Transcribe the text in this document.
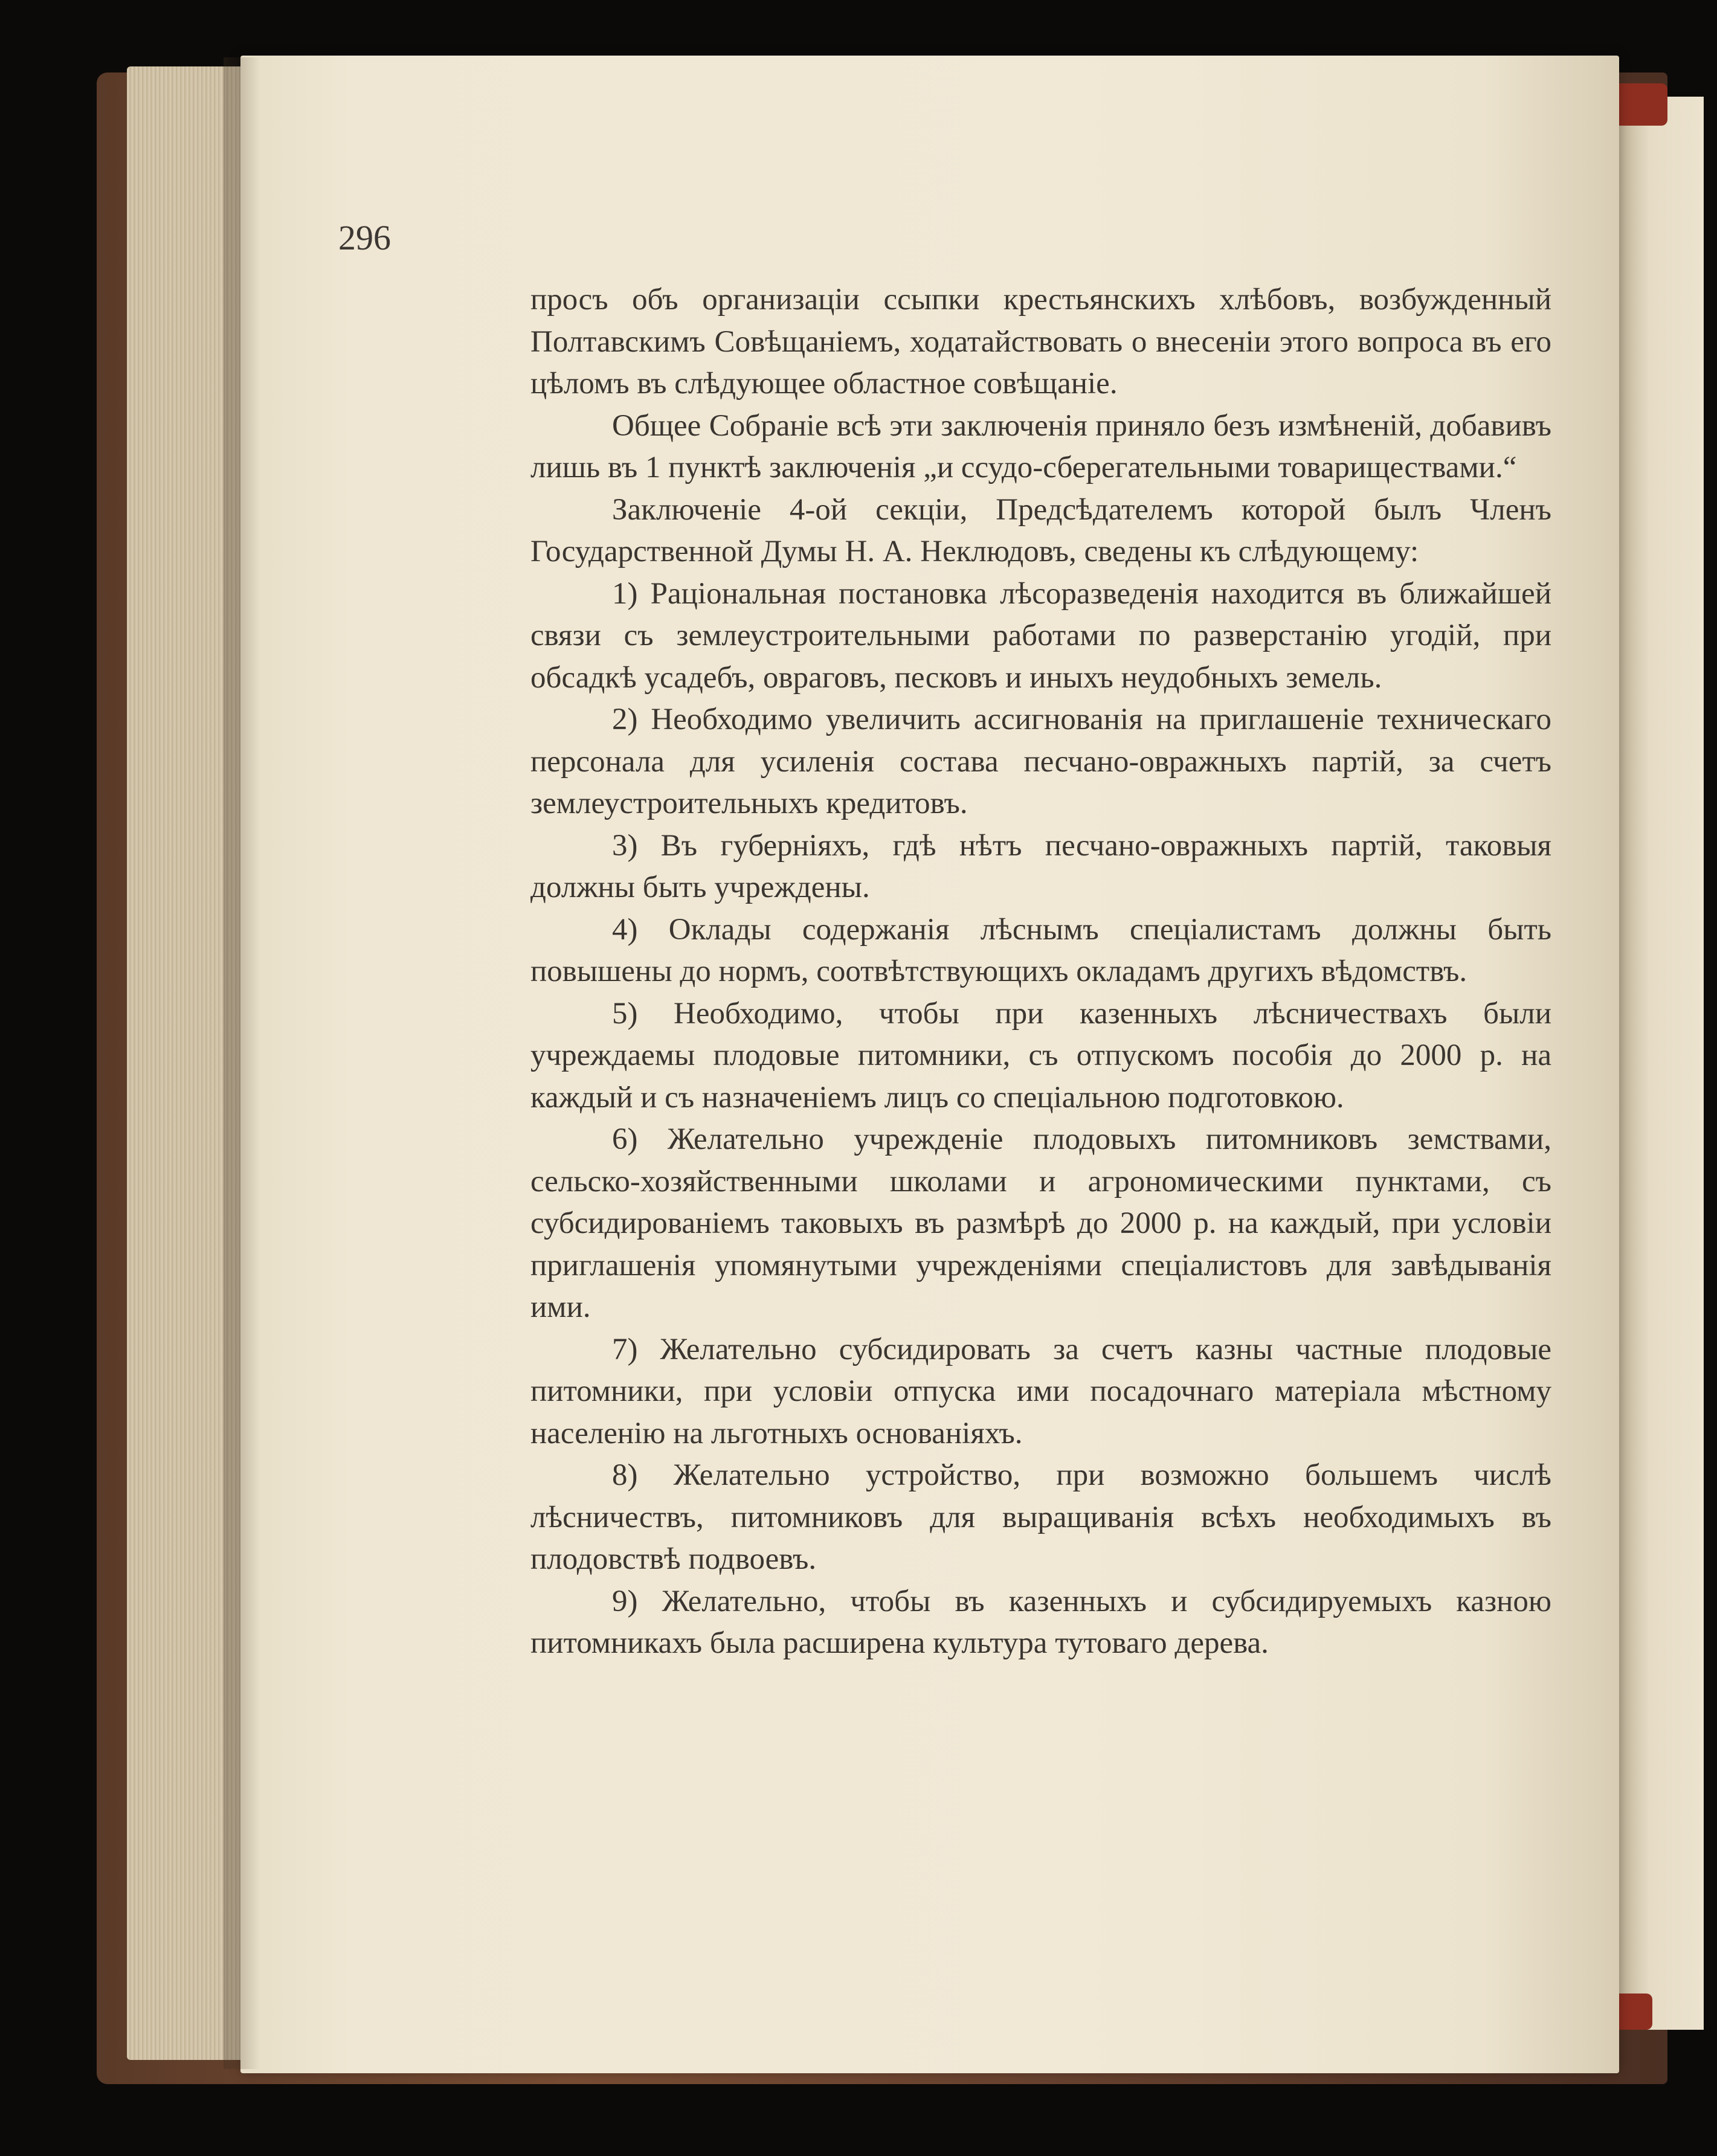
296

просъ объ организаціи ссыпки крестьянскихъ хлѣбовъ, возбужденный Полтавскимъ Совѣщаніемъ, ходатайствовать о внесеніи этого вопроса въ его цѣломъ въ слѣдующее областное совѣщаніе.

Общее Собраніе всѣ эти заключенія приняло безъ измѣненій, добавивъ лишь въ 1 пунктѣ заключенія „и ссудо-сберегательными товариществами.“

Заключеніе 4-ой секціи, Предсѣдателемъ которой былъ Членъ Государственной Думы Н. А. Неклюдовъ, сведены къ слѣдующему:

1) Раціональная постановка лѣсоразведенія находится въ ближайшей связи съ землеустроительными работами по разверстанію угодій, при обсадкѣ усадебъ, овраговъ, песковъ и иныхъ неудобныхъ земель.

2) Необходимо увеличить ассигнованія на приглашеніе техническаго персонала для усиленія состава песчано-овражныхъ партій, за счетъ землеустроительныхъ кредитовъ.

3) Въ губерніяхъ, гдѣ нѣтъ песчано-овражныхъ партій, таковыя должны быть учреждены.

4) Оклады содержанія лѣснымъ спеціалистамъ должны быть повышены до нормъ, соотвѣтствующихъ окладамъ другихъ вѣдомствъ.

5) Необходимо, чтобы при казенныхъ лѣсничествахъ были учреждаемы плодовые питомники, съ отпускомъ пособія до 2000 р. на каждый и съ назначеніемъ лицъ со спеціальною подготовкою.

6) Желательно учрежденіе плодовыхъ питомниковъ земствами, сельско-хозяйственными школами и агрономическими пунктами, съ субсидированіемъ таковыхъ въ размѣрѣ до 2000 р. на каждый, при условіи приглашенія упомянутыми учрежденіями спеціалистовъ для завѣдыванія ими.

7) Желательно субсидировать за счетъ казны частные плодовые питомники, при условіи отпуска ими посадочнаго матеріала мѣстному населенію на льготныхъ основаніяхъ.

8) Желательно устройство, при возможно большемъ числѣ лѣсничествъ, питомниковъ для выращиванія всѣхъ необходимыхъ въ плодовствѣ подвоевъ.

9) Желательно, чтобы въ казенныхъ и субсидируемыхъ казною питомникахъ была расширена культура тутоваго дерева.
